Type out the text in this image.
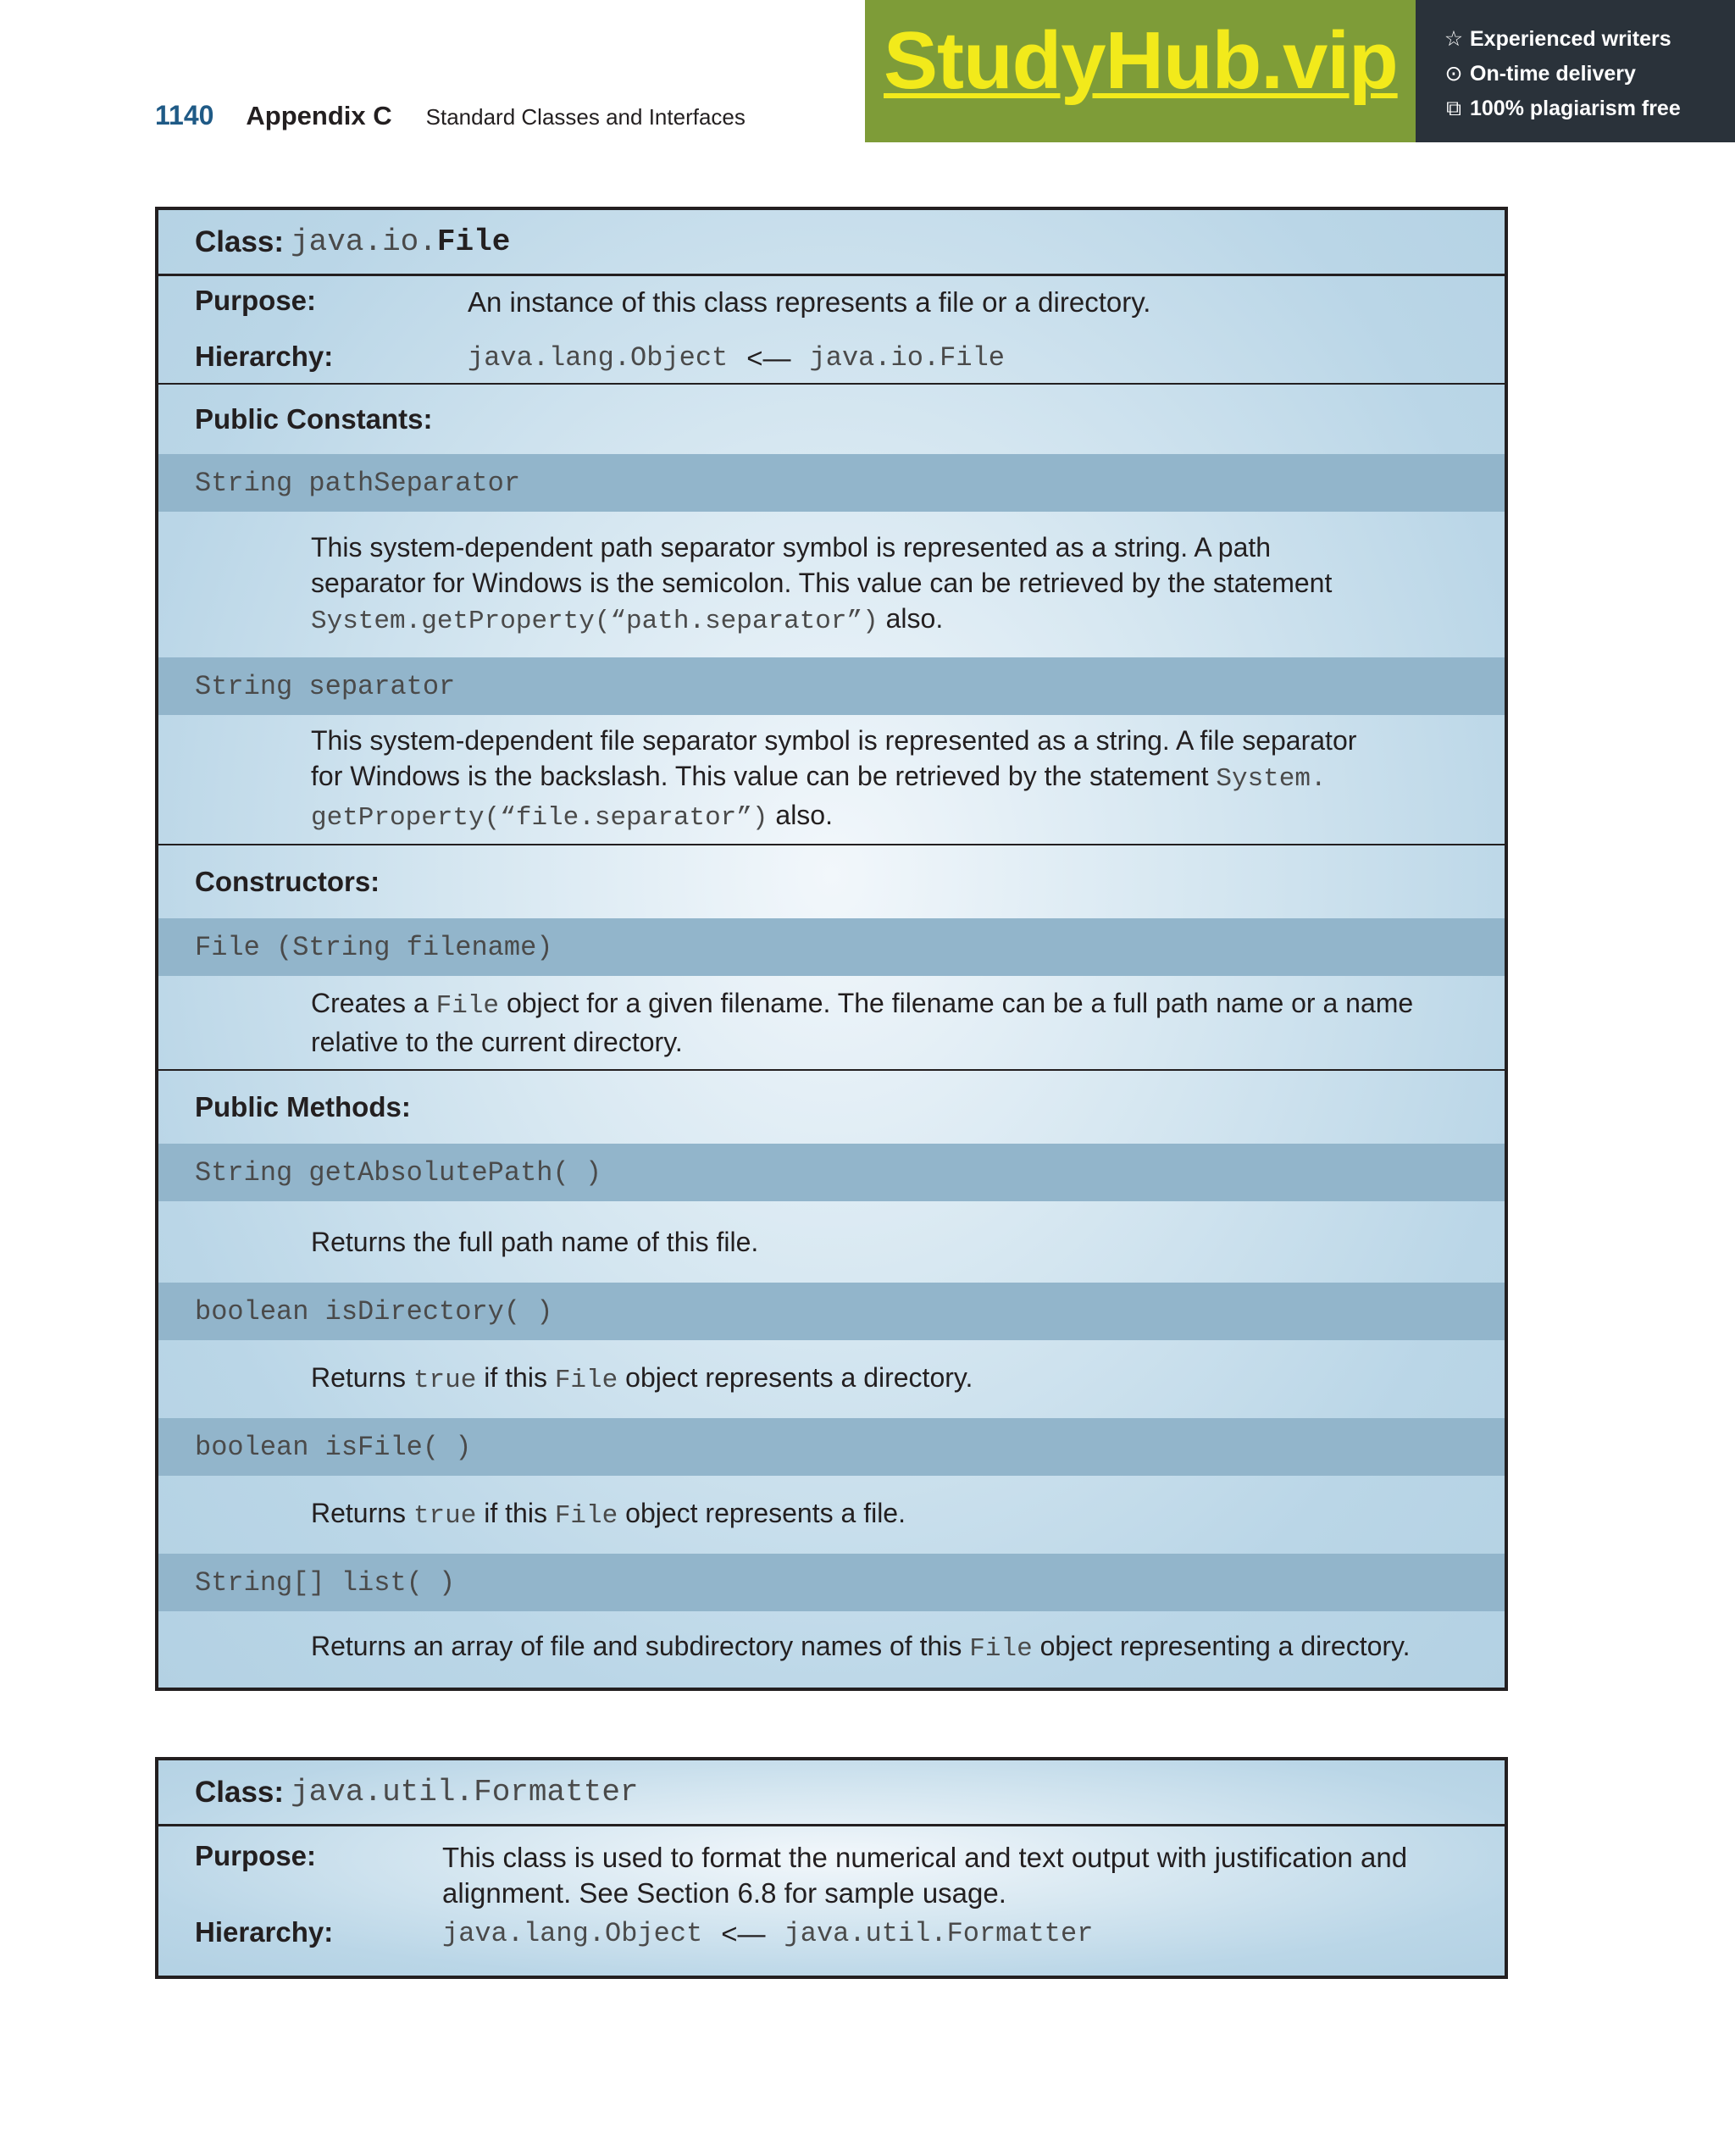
1140 Appendix C Standard Classes and Interfaces
StudyHub.vip ☆ Experienced writers
⊙ On-time delivery
⧉ 100% plagiarism free
Class: java.io.File
Purpose:	An instance of this class represents a file or a directory.
Hierarchy:	java.lang.Object <— java.io.File
Public Constants:
String pathSeparator
This system-dependent path separator symbol is represented as a string. A path
separator for Windows is the semicolon. This value can be retrieved by the statement
System.getProperty(“path.separator”) also.
String separator
This system-dependent file separator symbol is represented as a string. A file separator
for Windows is the backslash. This value can be retrieved by the statement System.
getProperty(“file.separator”) also.
Constructors:
File (String filename)
Creates a File object for a given filename. The filename can be a full path name or a name
relative to the current directory.
Public Methods:
String getAbsolutePath( )
Returns the full path name of this file.
boolean isDirectory( )
Returns true if this File object represents a directory.
boolean isFile( )
Returns true if this File object represents a file.
String[] list( )
Returns an array of file and subdirectory names of this File object representing a directory.
Class: java.util.Formatter
Purpose:	This class is used to format the numerical and text output with justification and
alignment. See Section 6.8 for sample usage.
Hierarchy:	java.lang.Object <— java.util.Formatter
